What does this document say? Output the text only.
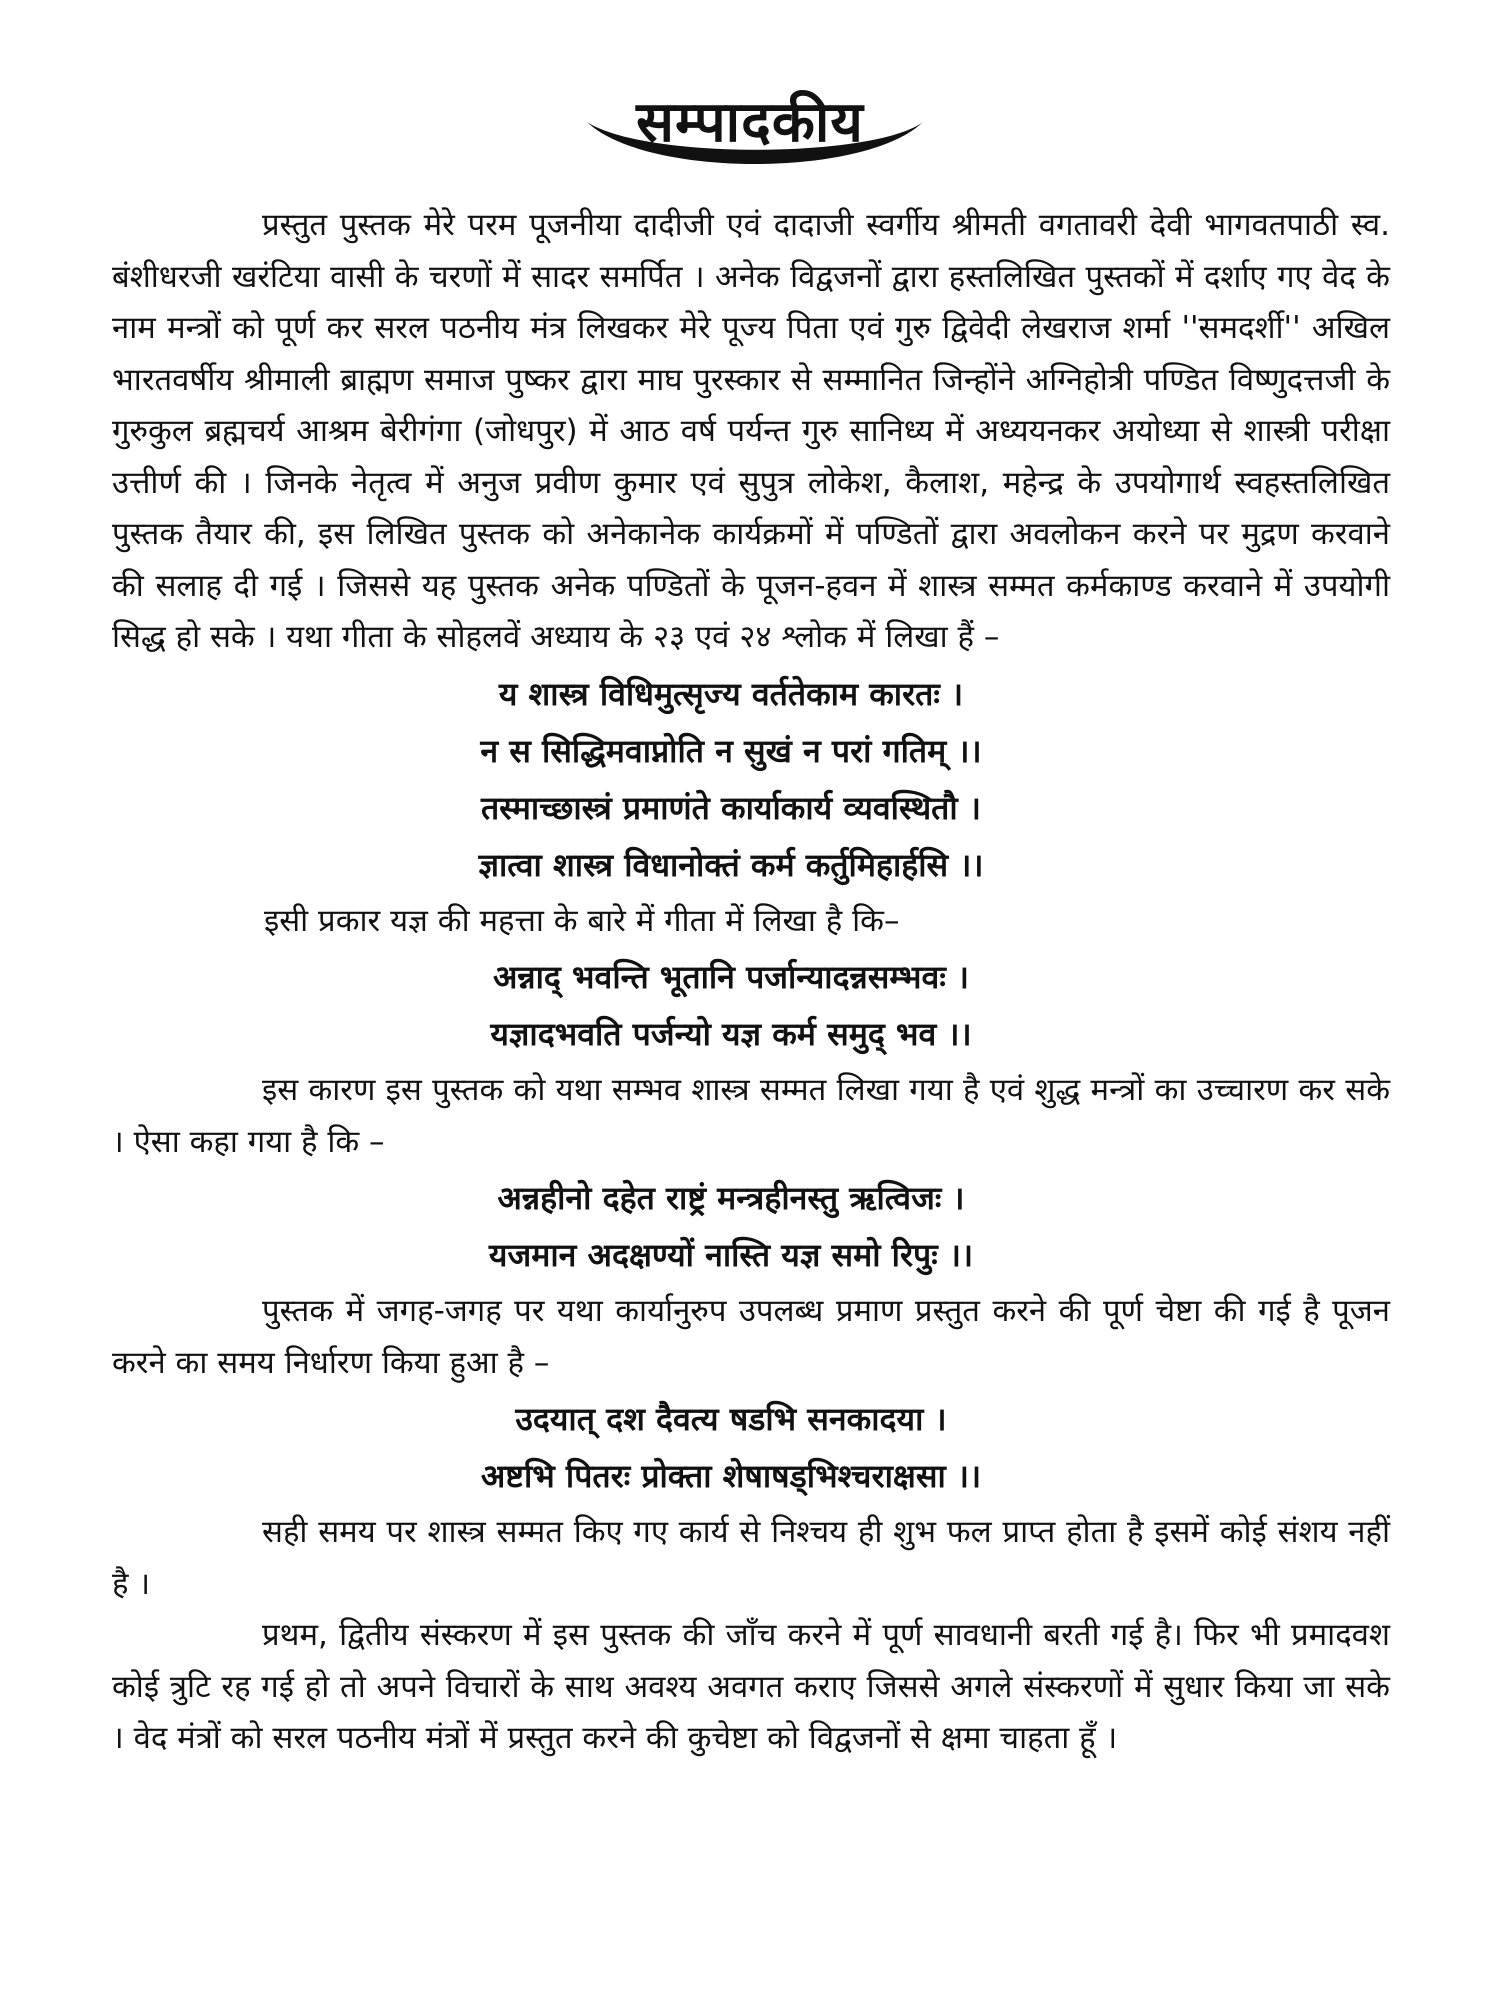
सम्पादकीय

प्रस्तुत पुस्तक मेरे परम पूजनीया दादीजी एवं दादाजी स्वर्गीय श्रीमती वगतावरी देवी भागवतपाठी स्व. बंशीधरजी खरंटिया वासी के चरणों में सादर समर्पित । अनेक विद्वजनों द्वारा हस्तलिखित पुस्तकों में दर्शाए गए वेद के नाम मन्त्रों को पूर्ण कर सरल पठनीय मंत्र लिखकर मेरे पूज्य पिता एवं गुरु द्विवेदी लेखराज शर्मा ''समदर्शी'' अखिल भारतवर्षीय श्रीमाली ब्राह्मण समाज पुष्कर द्वारा माघ पुरस्कार से सम्मानित जिन्होंने अग्निहोत्री पण्डित विष्णुदत्तजी के गुरुकुल ब्रह्मचर्य आश्रम बेरीगंगा (जोधपुर) में आठ वर्ष पर्यन्त गुरु सानिध्य में अध्ययनकर अयोध्या से शास्त्री परीक्षा उत्तीर्ण की । जिनके नेतृत्व में अनुज प्रवीण कुमार एवं सुपुत्र लोकेश, कैलाश, महेन्द्र के उपयोगार्थ स्वहस्तलिखित पुस्तक तैयार की, इस लिखित पुस्तक को अनेकानेक कार्यक्रमों में पण्डितों द्वारा अवलोकन करने पर मुद्रण करवाने की सलाह दी गई । जिससे यह पुस्तक अनेक पण्डितों के पूजन-हवन में शास्त्र सम्मत कर्मकाण्ड करवाने में उपयोगी सिद्ध हो सके । यथा गीता के सोहलवें अध्याय के २३ एवं २४ श्लोक में लिखा हैं –

य शास्त्र विधिमुत्सृज्य वर्ततेकाम कारतः ।

न स सिद्धिमवाप्नोति न सुखं न परां गतिम् ।।

तस्माच्छास्त्रं प्रमाणंते कार्याकार्य व्यवस्थितौ ।

ज्ञात्वा शास्त्र विधानोक्तं कर्म कर्तुमिहार्हसि ।।

इसी प्रकार यज्ञ की महत्ता के बारे में गीता में लिखा है कि–

अन्नाद् भवन्ति भूतानि पर्जान्यादन्नसम्भवः ।

यज्ञादभवति पर्जन्यो यज्ञ कर्म समुद् भव ।।

इस कारण इस पुस्तक को यथा सम्भव शास्त्र सम्मत लिखा गया है एवं शुद्ध मन्त्रों का उच्चारण कर सके । ऐसा कहा गया है कि –

अन्नहीनो दहेत राष्ट्रं मन्त्रहीनस्तु ऋत्विजः ।

यजमान अदक्षण्यों नास्ति यज्ञ समो रिपुः ।।

पुस्तक में जगह-जगह पर यथा कार्यानुरुप उपलब्ध प्रमाण प्रस्तुत करने की पूर्ण चेष्टा की गई है पूजन करने का समय निर्धारण किया हुआ है –

उदयात् दश दैवत्य षडभि सनकादया ।

अष्टभि पितरः प्रोक्ता शेषाषड्भिश्चराक्षसा ।।

सही समय पर शास्त्र सम्मत किए गए कार्य से निश्चय ही शुभ फल प्राप्त होता है इसमें कोई संशय नहीं है ।

प्रथम, द्वितीय संस्करण में इस पुस्तक की जाँच करने में पूर्ण सावधानी बरती गई है। फिर भी प्रमादवश कोई त्रुटि रह गई हो तो अपने विचारों के साथ अवश्य अवगत कराए जिससे अगले संस्करणों में सुधार किया जा सके । वेद मंत्रों को सरल पठनीय मंत्रों में प्रस्तुत करने की कुचेष्टा को विद्वजनों से क्षमा चाहता हूँ ।
